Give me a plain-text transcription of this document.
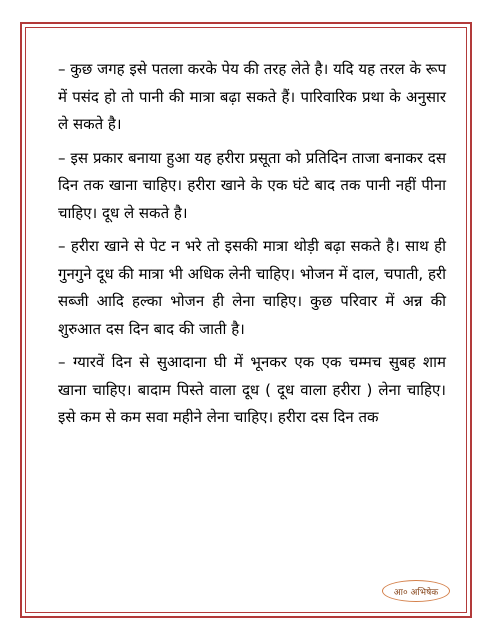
– कुछ जगह इसे पतला करके पेय की तरह लेते है। यदि यह तरल के रूप में पसंद हो तो पानी की मात्रा बढ़ा सकते हैं। पारिवारिक प्रथा के अनुसार ले सकते है।

– इस प्रकार बनाया हुआ यह हरीरा प्रसूता को प्रतिदिन ताजा बनाकर दस दिन तक खाना चाहिए। हरीरा खाने के एक घंटे बाद तक पानी नहीं पीना चाहिए। दूध ले सकते है।

– हरीरा खाने से पेट न भरे तो इसकी मात्रा थोड़ी बढ़ा सकते है। साथ ही गुनगुने दूध की मात्रा भी अधिक लेनी चाहिए। भोजन में दाल, चपाती, हरी सब्जी आदि हल्का भोजन ही लेना चाहिए। कुछ परिवार में अन्न की शुरुआत दस दिन बाद की जाती है।

– ग्यारवें दिन से सुआदाना घी में भूनकर एक एक चम्मच सुबह शाम खाना चाहिए। बादाम पिस्ते वाला दूध ( दूध वाला हरीरा ) लेना चाहिए। इसे कम से कम सवा महीने लेना चाहिए। हरीरा दस दिन तक

आ० अभिषेक
